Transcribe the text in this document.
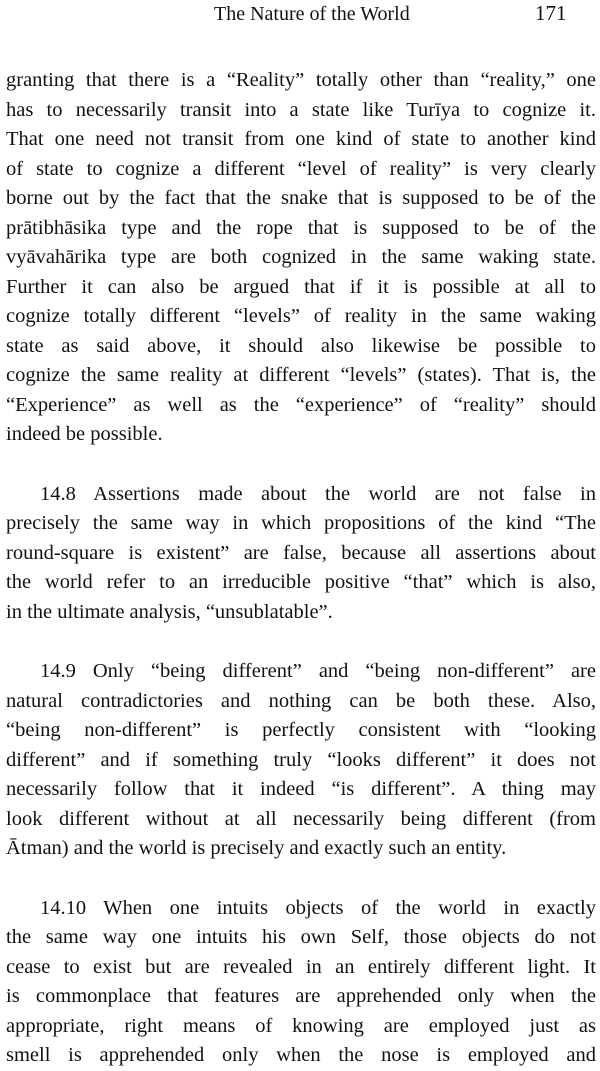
The Nature of the World	171
granting that there is a “Reality” totally other than “reality,” one
has to necessarily transit into a state like Turīya to cognize it.
That one need not transit from one kind of state to another kind
of state to cognize a different “level of reality” is very clearly
borne out by the fact that the snake that is supposed to be of the
prātibhāsika type and the rope that is supposed to be of the
vyāvahārika type are both cognized in the same waking state.
Further it can also be argued that if it is possible at all to
cognize totally different “levels” of reality in the same waking
state as said above, it should also likewise be possible to
cognize the same reality at different “levels” (states). That is, the
“Experience” as well as the “experience” of “reality” should
indeed be possible.
14.8 Assertions made about the world are not false in
precisely the same way in which propositions of the kind “The
round-square is existent” are false, because all assertions about
the world refer to an irreducible positive “that” which is also,
in the ultimate analysis, “unsublatable”.
14.9 Only “being different” and “being non-different” are
natural contradictories and nothing can be both these. Also,
“being non-different” is perfectly consistent with “looking
different” and if something truly “looks different” it does not
necessarily follow that it indeed “is different”. A thing may
look different without at all necessarily being different (from
Ātman) and the world is precisely and exactly such an entity.
14.10 When one intuits objects of the world in exactly
the same way one intuits his own Self, those objects do not
cease to exist but are revealed in an entirely different light. It
is commonplace that features are apprehended only when the
appropriate, right means of knowing are employed just as
smell is apprehended only when the nose is employed and
